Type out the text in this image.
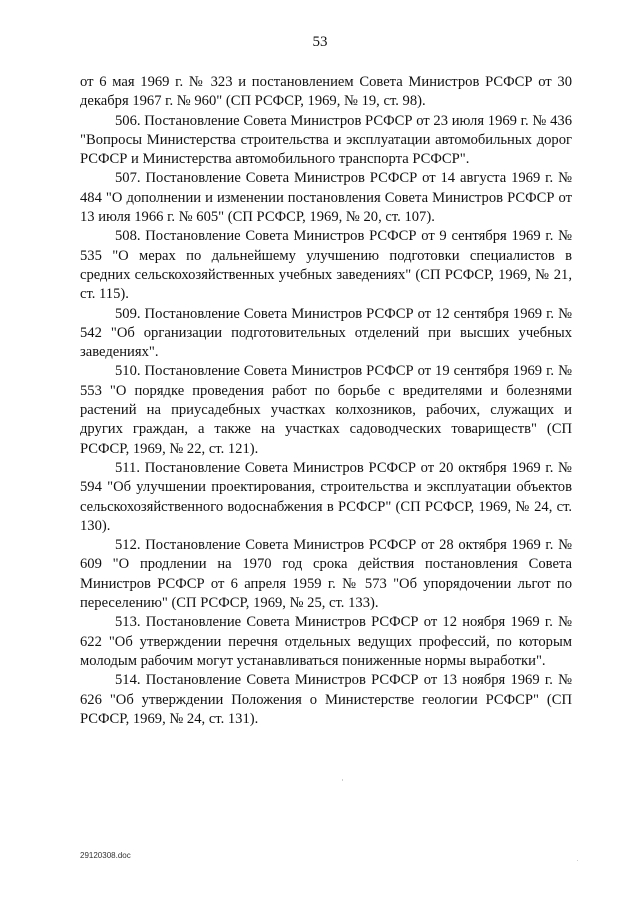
53

от 6 мая 1969 г. № 323 и постановлением Совета Министров РСФСР от 30 декабря 1967 г. № 960" (СП РСФСР, 1969, № 19, ст. 98).

506. Постановление Совета Министров РСФСР от 23 июля 1969 г. № 436 "Вопросы Министерства строительства и эксплуатации автомобильных дорог РСФСР и Министерства автомобильного транспорта РСФСР".

507. Постановление Совета Министров РСФСР от 14 августа 1969 г. № 484 "О дополнении и изменении постановления Совета Министров РСФСР от 13 июля 1966 г. № 605" (СП РСФСР, 1969, № 20, ст. 107).

508. Постановление Совета Министров РСФСР от 9 сентября 1969 г. № 535 "О мерах по дальнейшему улучшению подготовки специалистов в средних сельскохозяйственных учебных заведениях" (СП РСФСР, 1969, № 21, ст. 115).

509. Постановление Совета Министров РСФСР от 12 сентября 1969 г. № 542 "Об организации подготовительных отделений при высших учебных заведениях".

510. Постановление Совета Министров РСФСР от 19 сентября 1969 г. № 553 "О порядке проведения работ по борьбе с вредителями и болезнями растений на приусадебных участках колхозников, рабочих, служащих и других граждан, а также на участках садоводческих товариществ" (СП РСФСР, 1969, № 22, ст. 121).

511. Постановление Совета Министров РСФСР от 20 октября 1969 г. № 594 "Об улучшении проектирования, строительства и эксплуатации объектов сельскохозяйственного водоснабжения в РСФСР" (СП РСФСР, 1969, № 24, ст. 130).

512. Постановление Совета Министров РСФСР от 28 октября 1969 г. № 609 "О продлении на 1970 год срока действия постановления Совета Министров РСФСР от 6 апреля 1959 г. № 573 "Об упорядочении льгот по переселению" (СП РСФСР, 1969, № 25, ст. 133).

513. Постановление Совета Министров РСФСР от 12 ноября 1969 г. № 622 "Об утверждении перечня отдельных ведущих профессий, по которым молодым рабочим могут устанавливаться пониженные нормы выработки".

514. Постановление Совета Министров РСФСР от 13 ноября 1969 г. № 626 "Об утверждении Положения о Министерстве геологии РСФСР" (СП РСФСР, 1969, № 24, ст. 131).

29120308.doc
